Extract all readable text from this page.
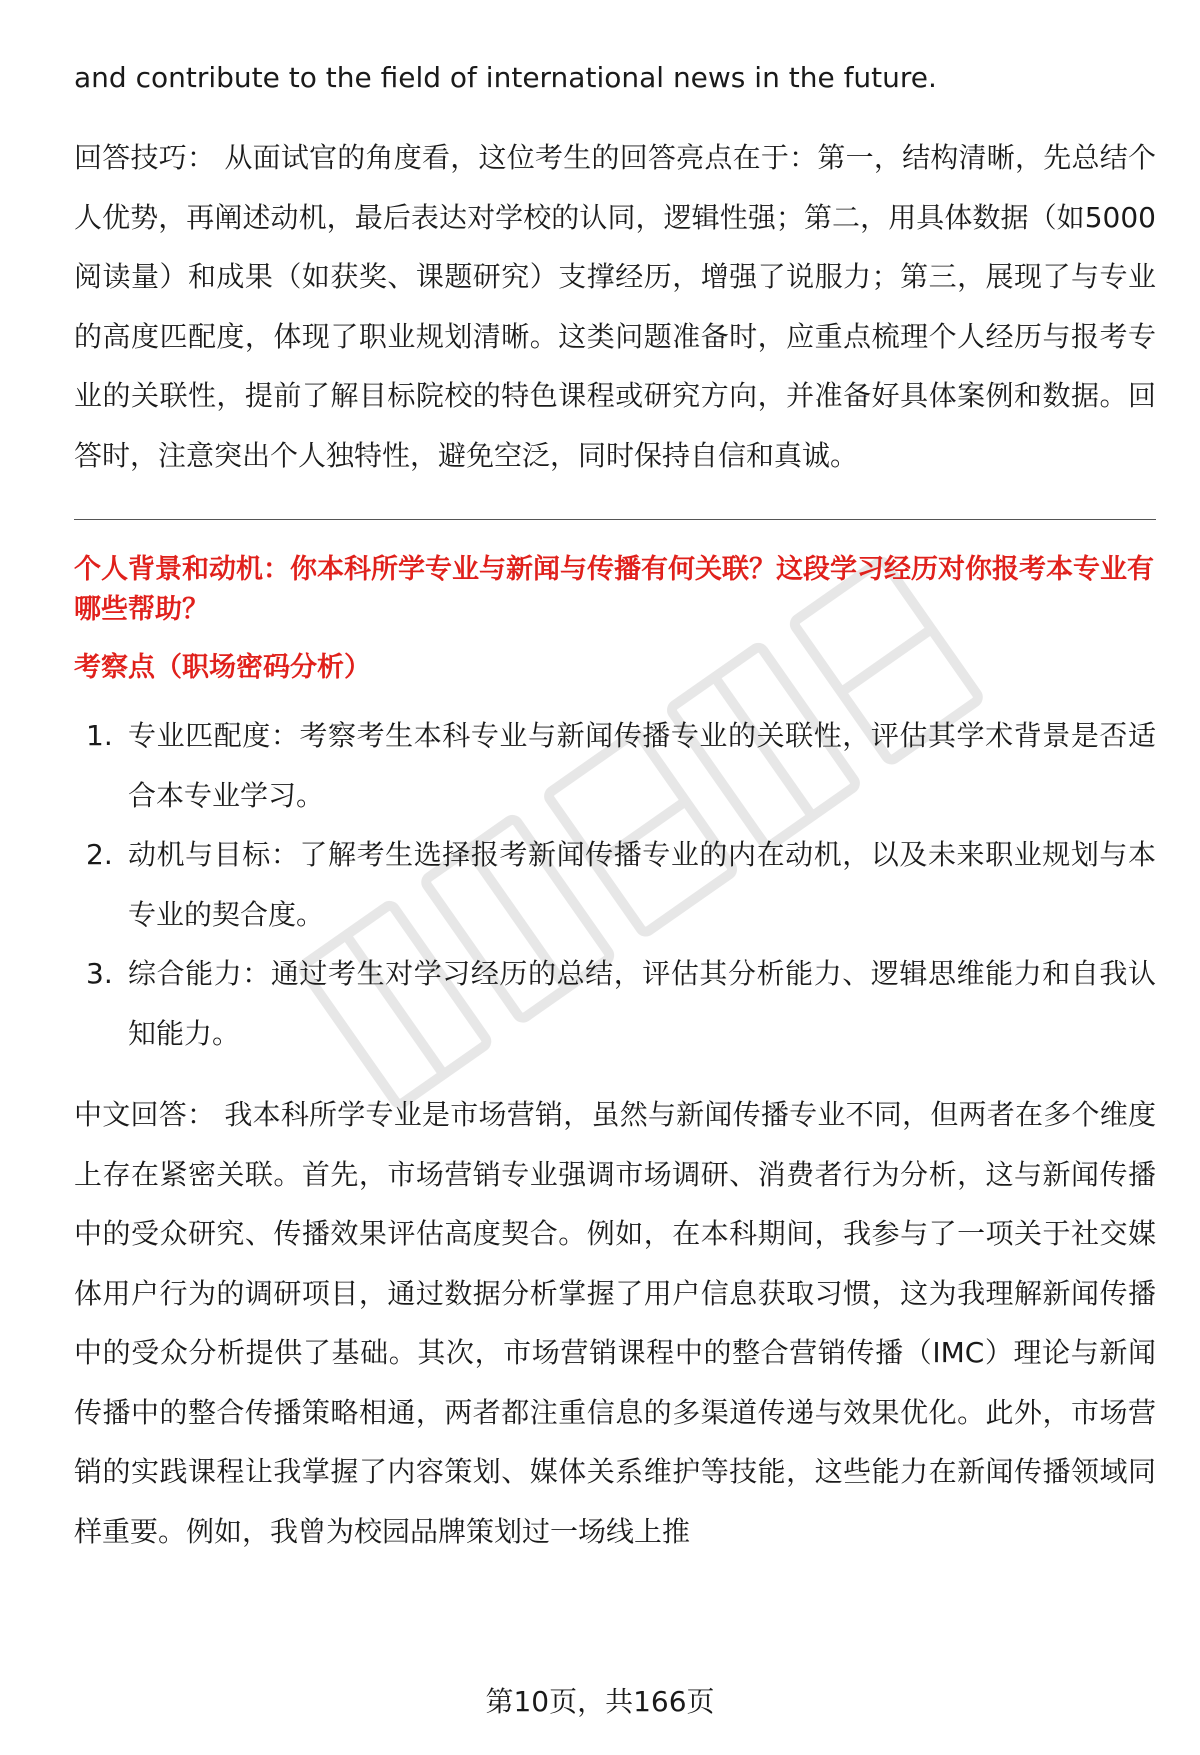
and contribute to the field of international news in the future.

回答技巧： 从面试官的角度看，这位考生的回答亮点在于：第一，结构清晰，先总结个人优势，再阐述动机，最后表达对学校的认同，逻辑性强；第二，用具体数据（如5000阅读量）和成果（如获奖、课题研究）支撑经历，增强了说服力；第三，展现了与专业的高度匹配度，体现了职业规划清晰。这类问题准备时，应重点梳理个人经历与报考专业的关联性，提前了解目标院校的特色课程或研究方向，并准备好具体案例和数据。回答时，注意突出个人独特性，避免空泛，同时保持自信和真诚。

个人背景和动机：你本科所学专业与新闻与传播有何关联？这段学习经历对你报考本专业有哪些帮助？
考察点（职场密码分析）
1. 专业匹配度：考察考生本科专业与新闻传播专业的关联性，评估其学术背景是否适合本专业学习。
2. 动机与目标：了解考生选择报考新闻传播专业的内在动机，以及未来职业规划与本专业的契合度。
3. 综合能力：通过考生对学习经历的总结，评估其分析能力、逻辑思维能力和自我认知能力。

中文回答： 我本科所学专业是市场营销，虽然与新闻传播专业不同，但两者在多个维度上存在紧密关联。首先，市场营销专业强调市场调研、消费者行为分析，这与新闻传播中的受众研究、传播效果评估高度契合。例如，在本科期间，我参与了一项关于社交媒体用户行为的调研项目，通过数据分析掌握了用户信息获取习惯，这为我理解新闻传播中的受众分析提供了基础。其次，市场营销课程中的整合营销传播（IMC）理论与新闻传播中的整合传播策略相通，两者都注重信息的多渠道传递与效果优化。此外，市场营销的实践课程让我掌握了内容策划、媒体关系维护等技能，这些能力在新闻传播领域同样重要。例如，我曾为校园品牌策划过一场线上推

第10页，共166页
